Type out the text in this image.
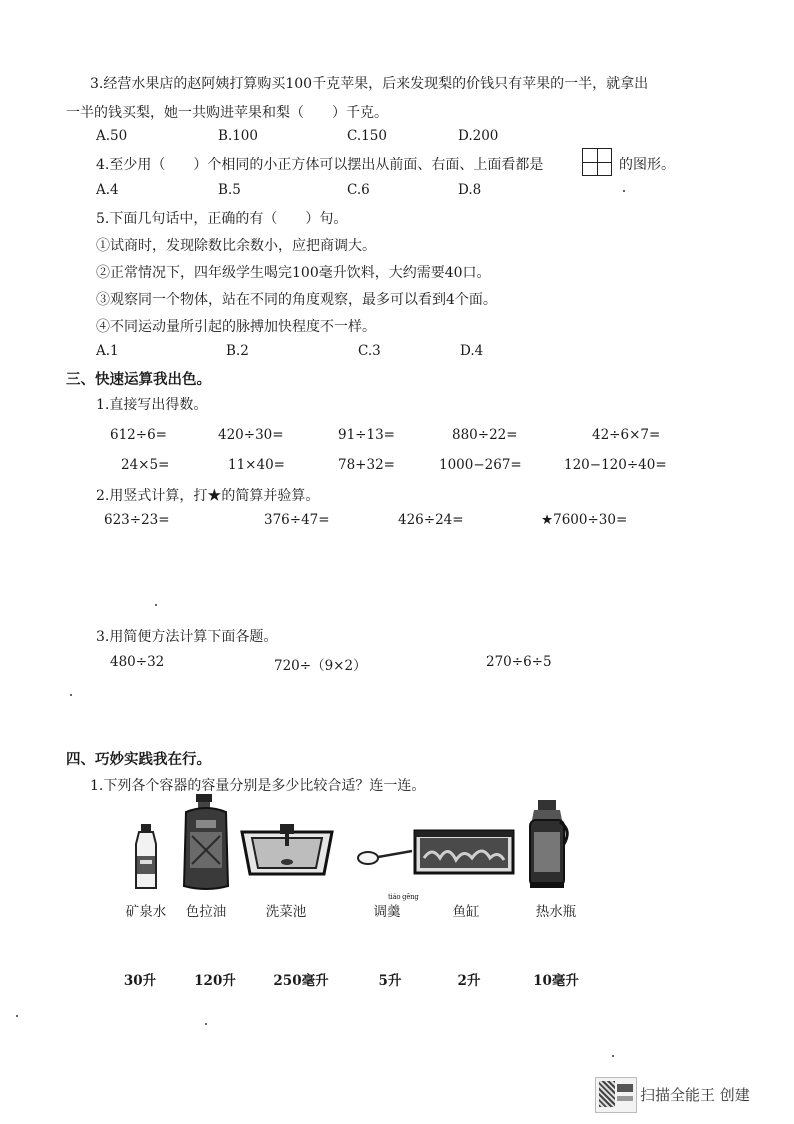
3.经营水果店的赵阿姨打算购买100千克苹果，后来发现梨的价钱只有苹果的一半，就拿出
一半的钱买梨，她一共购进苹果和梨（　　）千克。
A.50	B.100	C.150	D.200
4.至少用（　　）个相同的小正方体可以摆出从前面、右面、上面看都是	的图形。
A.4	B.5	C.6	D.8
5.下面几句话中，正确的有（　　）句。
①试商时，发现除数比余数小，应把商调大。
②正常情况下，四年级学生喝完100毫升饮料，大约需要40口。
③观察同一个物体，站在不同的角度观察，最多可以看到4个面。
④不同运动量所引起的脉搏加快程度不一样。
A.1	B.2	C.3	D.4
三、快速运算我出色。
1.直接写出得数。
612÷6=	420÷30=	91÷13=	880÷22=	42÷6×7=
24×5=	11×40=	78+32=	1000−267=	120−120÷40=
2.用竖式计算，打★的简算并验算。
623÷23=	376÷47=	426÷24=	★7600÷30=
3.用简便方法计算下面各题。
480÷32	720÷（9×2）	270÷6÷5
四、巧妙实践我在行。
1.下列各个容器的容量分别是多少比较合适？连一连。
矿泉水	色拉油	洗菜池
tiáo gēng
调羹	鱼缸	热水瓶
30升	120升	250毫升	5升	2升	10毫升
扫描全能王 创建
